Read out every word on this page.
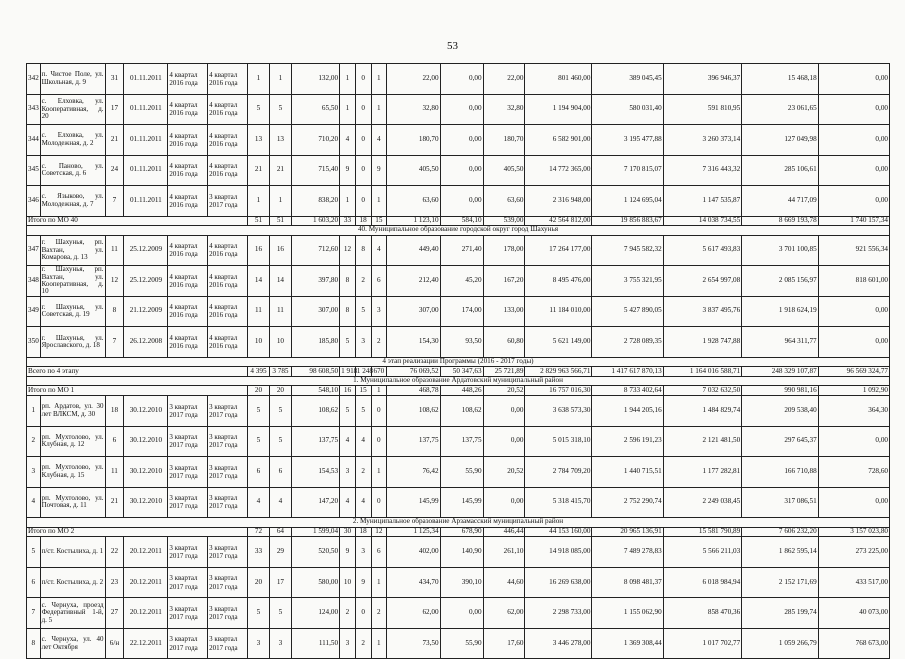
53
342	п. Чистое Поле, ул. Школьная, д. 9	31	01.11.2011	4 квартал 2016 года	4 квартал 2016 года	1	1	132,00	1	0	1	22,00	0,00	22,00	801 460,00	389 045,45	396 946,37	15 468,18	0,00
343	с. Елховка, ул. Кооперативная, д. 20	17	01.11.2011	4 квартал 2016 года	4 квартал 2016 года	5	5	65,50	1	0	1	32,80	0,00	32,80	1 194 904,00	580 031,40	591 810,95	23 061,65	0,00
344	с. Елховка, ул. Молодежная, д. 2	21	01.11.2011	4 квартал 2016 года	4 квартал 2016 года	13	13	710,20	4	0	4	180,70	0,00	180,70	6 582 901,00	3 195 477,88	3 260 373,14	127 049,98	0,00
345	с. Паново, ул. Советская, д. 6	24	01.11.2011	4 квартал 2016 года	4 квартал 2016 года	21	21	715,40	9	0	9	405,50	0,00	405,50	14 772 365,00	7 170 815,07	7 316 443,32	285 106,61	0,00
346	с. Языково, ул. Молодежная, д. 7	7	01.11.2011	4 квартал 2016 года	3 квартал 2017 года	1	1	838,20	1	0	1	63,60	0,00	63,60	2 316 948,00	1 124 695,04	1 147 535,87	44 717,09	0,00
Итого по МО 40						51	51	1 603,20	33	18	15	1 123,10	584,10	539,00	42 564 812,00	19 856 883,67	14 038 734,55	8 669 193,78	1 740 157,34
40. Муниципальное образование городской округ город Шахунья																			
347	г. Шахунья, рп. Вахтан, ул. Комарова, д. 13	11	25.12.2009	4 квартал 2016 года	4 квартал 2016 года	16	16	712,60	12	8	4	449,40	271,40	178,00	17 264 177,00	7 945 582,32	5 617 493,83	3 701 100,85	921 556,34
348	г. Шахунья, рп. Вахтан, ул. Кооперативная, д. 10	12	25.12.2009	4 квартал 2016 года	4 квартал 2016 года	14	14	397,80	8	2	6	212,40	45,20	167,20	8 495 476,00	3 755 321,95	2 654 997,08	2 085 156,97	818 601,00
349	г. Шахунья, ул. Советская, д. 19	8	21.12.2009	4 квартал 2016 года	4 квартал 2016 года	11	11	307,00	8	5	3	307,00	174,00	133,00	11 184 010,00	5 427 890,05	3 837 495,76	1 918 624,19	0,00
350	г. Шахунья, ул. Ярославского, д. 18	7	26.12.2008	4 квартал 2016 года	4 квартал 2016 года	10	10	185,80	5	3	2	154,30	93,50	60,80	5 621 149,00	2 728 089,35	1 928 747,88	964 311,77	0,00
4 этап реализации Программы (2016 - 2017 годы)																			
Всего по 4 этапу						4 395	3 785	98 608,50	1 918	1 248	670	76 069,52	50 347,63	25 721,89	2 829 963 566,71	1 417 617 870,13	1 164 016 588,71	248 329 107,87	96 569 324,77
1. Муниципальное образование Ардатовский муниципальный район																			
Итого по МО 1						20	20	548,10	16	15	1	468,78	448,26	20,52	16 757 016,30	8 733 402,64	7 032 632,50	990 981,16	1 092,90
1	рп. Ардатов, ул. 30 лет ВЛКСМ, д. 30	18	30.12.2010	3 квартал 2017 года	3 квартал 2017 года	5	5	108,62	5	5	0	108,62	108,62	0,00	3 638 573,30	1 944 205,16	1 484 829,74	209 538,40	364,30
2	рп. Мухтолово, ул. Клубная, д. 12	6	30.12.2010	3 квартал 2017 года	3 квартал 2017 года	5	5	137,75	4	4	0	137,75	137,75	0,00	5 015 318,10	2 596 191,23	2 121 481,50	297 645,37	0,00
3	рп. Мухтолово, ул. Клубная, д. 15	11	30.12.2010	3 квартал 2017 года	3 квартал 2017 года	6	6	154,53	3	2	1	76,42	55,90	20,52	2 784 709,20	1 440 715,51	1 177 282,81	166 710,88	728,60
4	рп. Мухтолово, ул. Почтовая, д. 11	21	30.12.2010	3 квартал 2017 года	3 квартал 2017 года	4	4	147,20	4	4	0	145,99	145,99	0,00	5 318 415,70	2 752 290,74	2 249 038,45	317 086,51	0,00
2. Муниципальное образование Арзамасский муниципальный район																			
Итого по МО 2						72	64	1 599,04	30	18	12	1 125,34	678,90	446,44	44 153 160,00	20 965 136,91	15 581 790,89	7 606 232,20	3 157 023,80
5	п/ст. Костылиха, д. 1	22	20.12.2011	3 квартал 2017 года	3 квартал 2017 года	33	29	520,50	9	3	6	402,00	140,90	261,10	14 918 085,00	7 489 278,83	5 566 211,03	1 862 595,14	273 225,00
6	п/ст. Костылиха, д. 2	23	20.12.2011	3 квартал 2017 года	3 квартал 2017 года	20	17	580,00	10	9	1	434,70	390,10	44,60	16 269 638,00	8 098 481,37	6 018 984,94	2 152 171,69	433 517,00
7	с. Чернуха, проезд Федеративный 1-й, д. 5	27	20.12.2011	3 квартал 2017 года	3 квартал 2017 года	5	5	124,00	2	0	2	62,00	0,00	62,00	2 298 733,00	1 155 062,90	858 470,36	285 199,74	40 073,00
8	с. Чернуха, ул. 40 лет Октября	6/н	22.12.2011	3 квартал 2017 года	3 квартал 2017 года	3	3	111,50	3	2	1	73,50	55,90	17,60	3 446 278,00	1 369 308,44	1 017 702,77	1 059 266,79	768 673,00
